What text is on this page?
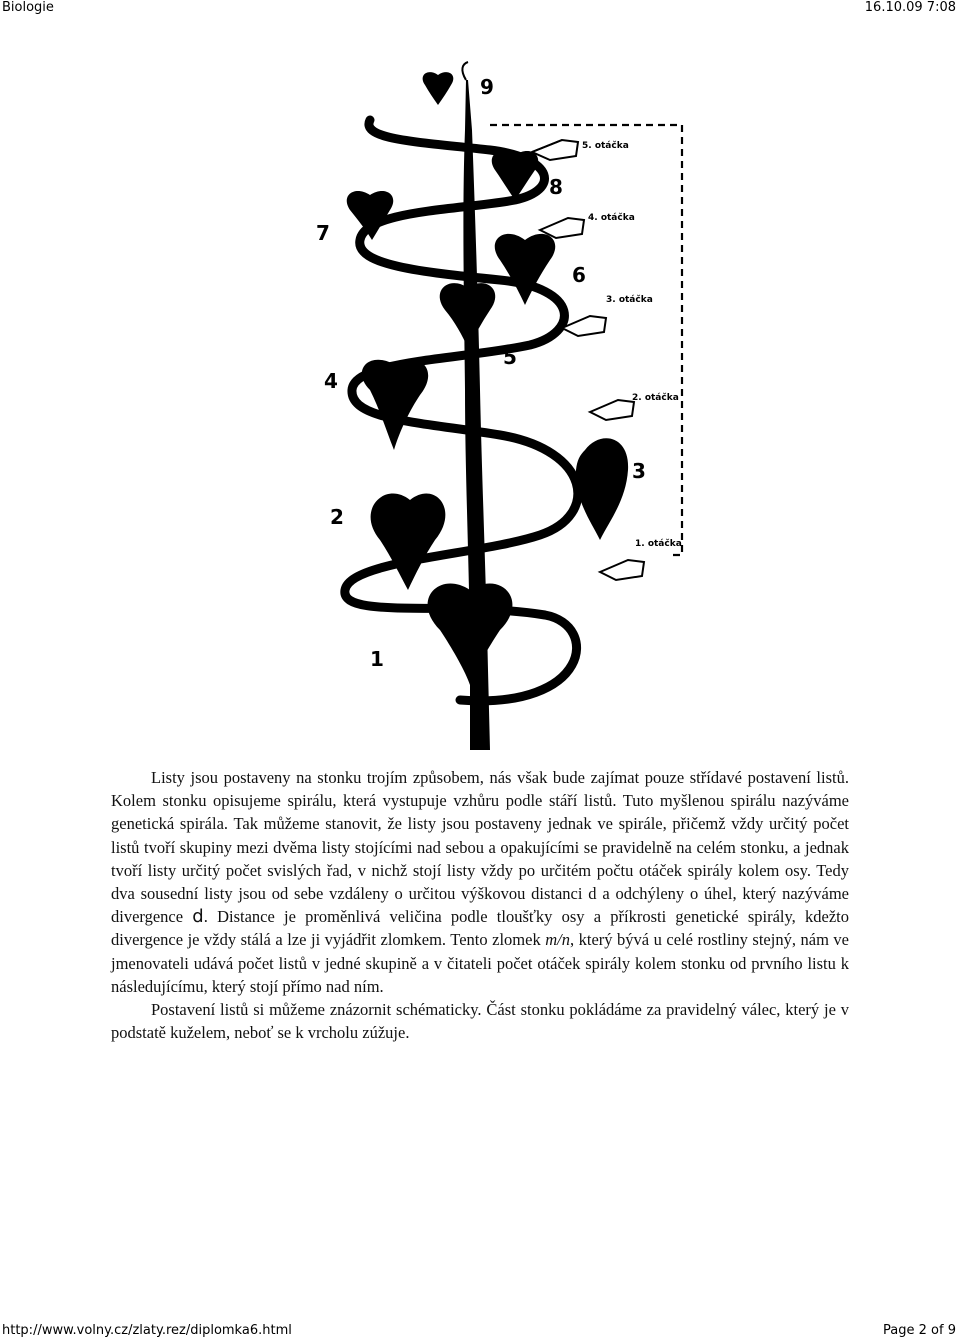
Biologie	16.10.09 7:08
1
2
3
4
5
6
7
8
9
5. otáčka
4. otáčka
3. otáčka
2. otáčka
1. otáčka

Listy jsou postaveny na stonku trojím způsobem, nás však bude zajímat pouze střídavé postavení listů. Kolem stonku opisujeme spirálu, která vystupuje vzhůru podle stáří listů. Tuto myšlenou spirálu nazýváme genetická spirála. Tak můžeme stanovit, že listy jsou postaveny jednak ve spirále, přičemž vždy určitý počet listů tvoří skupiny mezi dvěma listy stojícími nad sebou a opakujícími se pravidelně na celém stonku, a jednak tvoří listy určitý počet svislých řad, v nichž stojí listy vždy po určitém počtu otáček spirály kolem osy. Tedy dva sousední listy jsou od sebe vzdáleny o určitou výškovou distanci d a odchýleny o úhel, který nazýváme divergence d. Distance je proměnlivá veličina podle tloušťky osy a příkrosti genetické spirály, kdežto divergence je vždy stálá a lze ji vyjádřit zlomkem. Tento zlomek m/n, který bývá u celé rostliny stejný, nám ve jmenovateli udává počet listů v jedné skupině a v čitateli počet otáček spirály kolem stonku od prvního listu k následujícímu, který stojí přímo nad ním.

Postavení listů si můžeme znázornit schématicky. Část stonku pokládáme za pravidelný válec, který je v podstatě kuželem, neboť se k vrcholu zúžuje.

http://www.volny.cz/zlaty.rez/diplomka6.html	Page 2 of 9
